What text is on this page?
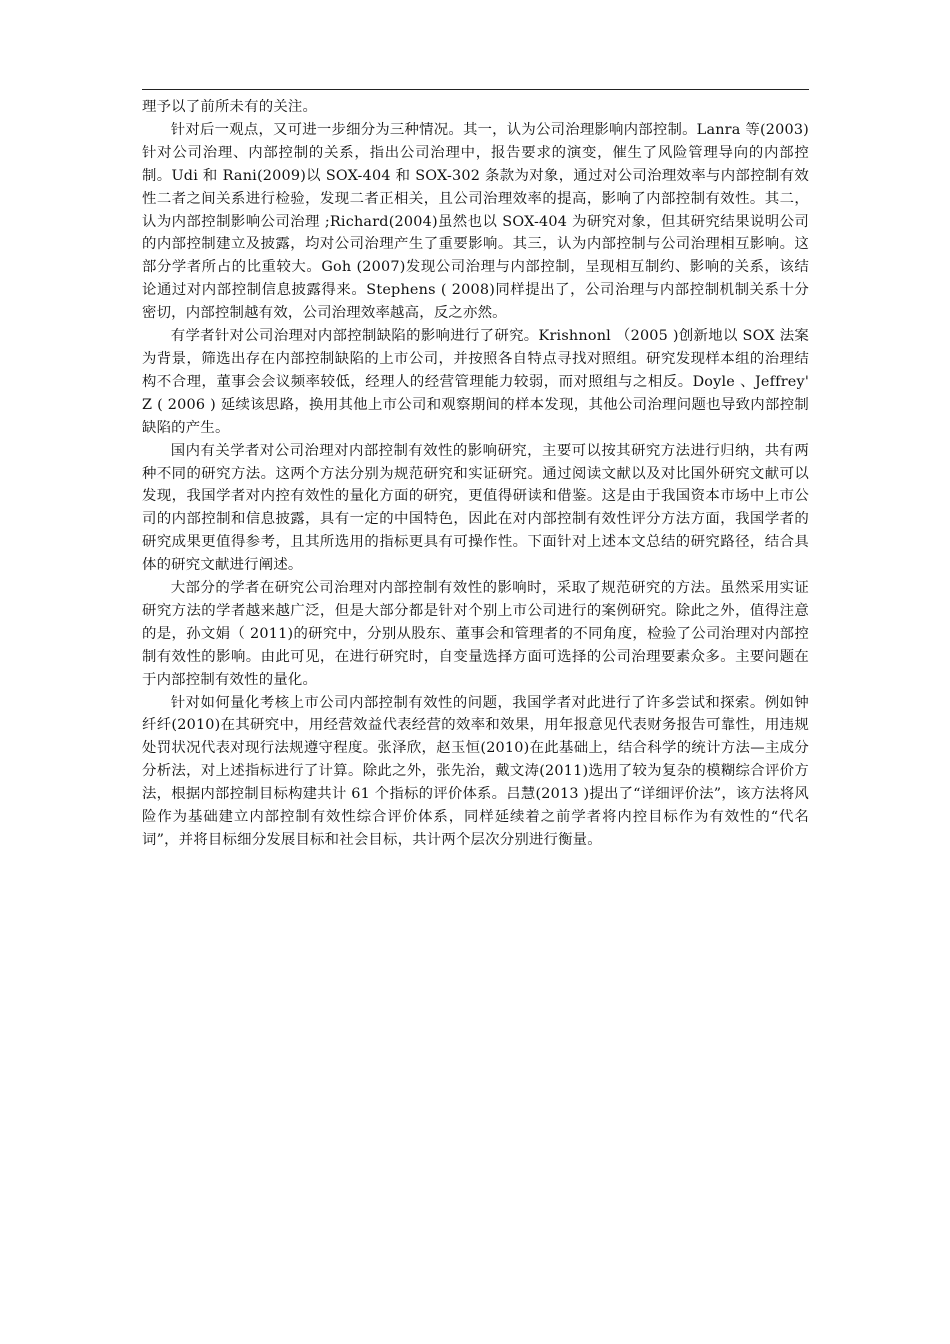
理予以了前所未有的关注。

针对后一观点，又可进一步细分为三种情况。其一，认为公司治理影响内部控制。Lanra 等(2003)针对公司治理、内部控制的关系，指出公司治理中，报告要求的演变，催生了风险管理导向的内部控制。Udi 和 Rani(2009)以 SOX-404 和 SOX-302 条款为对象，通过对公司治理效率与内部控制有效性二者之间关系进行检验，发现二者正相关，且公司治理效率的提高，影响了内部控制有效性。其二，认为内部控制影响公司治理 ;Richard(2004)虽然也以 SOX-404 为研究对象，但其研究结果说明公司的内部控制建立及披露，均对公司治理产生了重要影响。其三，认为内部控制与公司治理相互影响。这部分学者所占的比重较大。Goh (2007)发现公司治理与内部控制，呈现相互制约、影响的关系，该结论通过对内部控制信息披露得来。Stephens ( 2008)同样提出了，公司治理与内部控制机制关系十分密切，内部控制越有效，公司治理效率越高，反之亦然。

有学者针对公司治理对内部控制缺陷的影响进行了研究。Krishnonl （2005 )创新地以 SOX 法案为背景，筛选出存在内部控制缺陷的上市公司，并按照各自特点寻找对照组。研究发现样本组的治理结构不合理，董事会会议频率较低，经理人的经营管理能力较弱，而对照组与之相反。Doyle 、Jeffrey' Z ( 2006 ) 延续该思路，换用其他上市公司和观察期间的样本发现，其他公司治理问题也导致内部控制缺陷的产生。

国内有关学者对公司治理对内部控制有效性的影响研究，主要可以按其研究方法进行归纳，共有两种不同的研究方法。这两个方法分别为规范研究和实证研究。通过阅读文献以及对比国外研究文献可以发现，我国学者对内控有效性的量化方面的研究，更值得研读和借鉴。这是由于我国资本市场中上市公司的内部控制和信息披露，具有一定的中国特色，因此在对内部控制有效性评分方法方面，我国学者的研究成果更值得参考，且其所选用的指标更具有可操作性。下面针对上述本文总结的研究路径，结合具体的研究文献进行阐述。

大部分的学者在研究公司治理对内部控制有效性的影响时，采取了规范研究的方法。虽然采用实证研究方法的学者越来越广泛，但是大部分都是针对个别上市公司进行的案例研究。除此之外，值得注意的是，孙文娟（ 2011)的研究中，分别从股东、董事会和管理者的不同角度，检验了公司治理对内部控制有效性的影响。由此可见，在进行研究时，自变量选择方面可选择的公司治理要素众多。主要问题在于内部控制有效性的量化。

针对如何量化考核上市公司内部控制有效性的问题，我国学者对此进行了许多尝试和探索。例如钟纤纤(2010)在其研究中，用经营效益代表经营的效率和效果，用年报意见代表财务报告可靠性，用违规处罚状况代表对现行法规遵守程度。张泽欣，赵玉恒(2010)在此基础上，结合科学的统计方法—主成分分析法，对上述指标进行了计算。除此之外，张先治，戴文涛(2011)选用了较为复杂的模糊综合评价方法，根据内部控制目标构建共计 61 个指标的评价体系。吕慧(2013 )提出了“详细评价法”，该方法将风险作为基础建立内部控制有效性综合评价体系，同样延续着之前学者将内控目标作为有效性的“代名词”，并将目标细分发展目标和社会目标，共计两个层次分别进行衡量。
